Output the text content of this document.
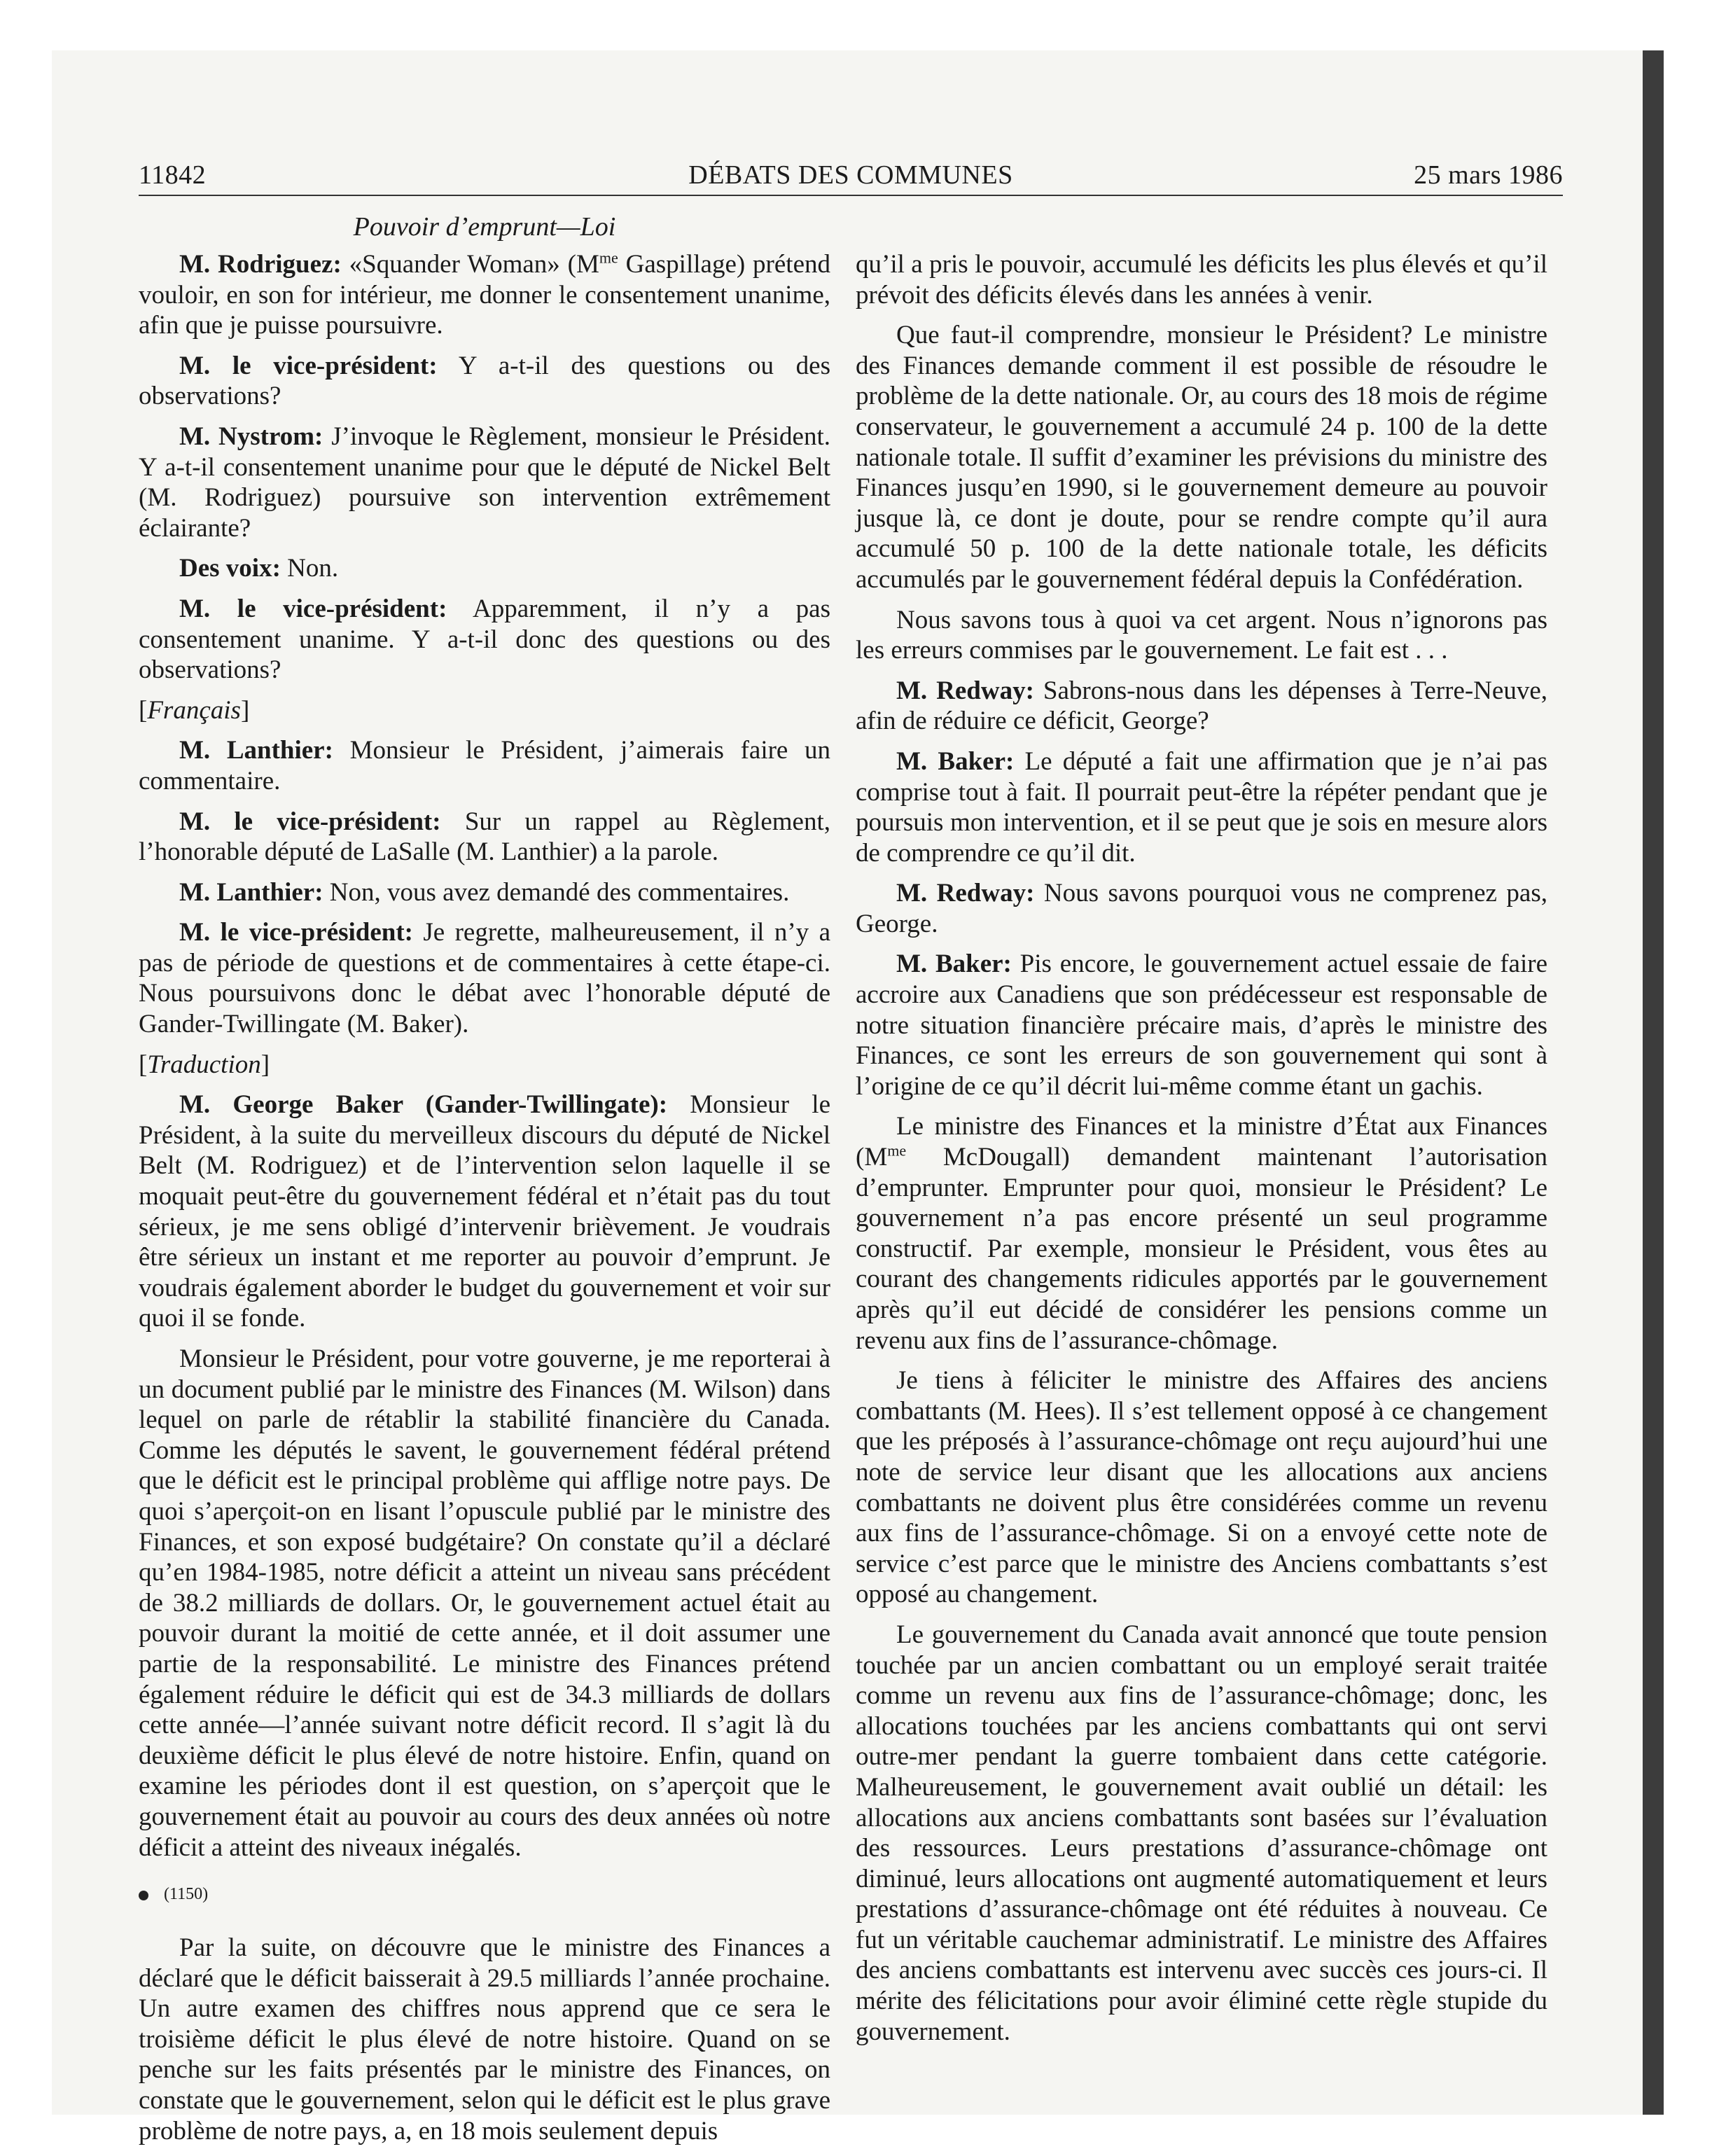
11842	DÉBATS DES COMMUNES	25 mars 1986
Pouvoir d’emprunt—Loi

M. Rodriguez: «Squander Woman» ($M^{me}$ Gaspillage) prétend vouloir, en son for intérieur, me donner le consentement unanime, afin que je puisse poursuivre.

M. le vice-président: Y a-t-il des questions ou des observations?

M. Nystrom: J’invoque le Règlement, monsieur le Président. Y a-t-il consentement unanime pour que le député de Nickel Belt (M. Rodriguez) poursuive son intervention extrêmement éclairante?

Des voix: Non.

M. le vice-président: Apparemment, il n’y a pas consentement unanime. Y a-t-il donc des questions ou des observations?

[Français]

M. Lanthier: Monsieur le Président, j’aimerais faire un commentaire.

M. le vice-président: Sur un rappel au Règlement, l’honorable député de LaSalle (M. Lanthier) a la parole.

M. Lanthier: Non, vous avez demandé des commentaires.

M. le vice-président: Je regrette, malheureusement, il n’y a pas de période de questions et de commentaires à cette étape-ci. Nous poursuivons donc le débat avec l’honorable député de Gander-Twillingate (M. Baker).

[Traduction]

M. George Baker (Gander-Twillingate): Monsieur le Président, à la suite du merveilleux discours du député de Nickel Belt (M. Rodriguez) et de l’intervention selon laquelle il se moquait peut-être du gouvernement fédéral et n’était pas du tout sérieux, je me sens obligé d’intervenir brièvement. Je voudrais être sérieux un instant et me reporter au pouvoir d’emprunt. Je voudrais également aborder le budget du gouvernement et voir sur quoi il se fonde.

Monsieur le Président, pour votre gouverne, je me reporterai à un document publié par le ministre des Finances (M. Wilson) dans lequel on parle de rétablir la stabilité financière du Canada. Comme les députés le savent, le gouvernement fédéral prétend que le déficit est le principal problème qui afflige notre pays. De quoi s’aperçoit-on en lisant l’opuscule publié par le ministre des Finances, et son exposé budgétaire? On constate qu’il a déclaré qu’en 1984-1985, notre déficit a atteint un niveau sans précédent de 38.2 milliards de dollars. Or, le gouvernement actuel était au pouvoir durant la moitié de cette année, et il doit assumer une partie de la responsabilité. Le ministre des Finances prétend également réduire le déficit qui est de 34.3 milliards de dollars cette année—l’année suivant notre déficit record. Il s’agit là du deuxième déficit le plus élevé de notre histoire. Enfin, quand on examine les périodes dont il est question, on s’aperçoit que le gouvernement était au pouvoir au cours des deux années où notre déficit a atteint des niveaux inégalés.

(1150)

Par la suite, on découvre que le ministre des Finances a déclaré que le déficit baisserait à 29.5 milliards l’année prochaine. Un autre examen des chiffres nous apprend que ce sera le troisième déficit le plus élevé de notre histoire. Quand on se penche sur les faits présentés par le ministre des Finances, on constate que le gouvernement, selon qui le déficit est le plus grave problème de notre pays, a, en 18 mois seulement depuis

qu’il a pris le pouvoir, accumulé les déficits les plus élevés et qu’il prévoit des déficits élevés dans les années à venir.

Que faut-il comprendre, monsieur le Président? Le ministre des Finances demande comment il est possible de résoudre le problème de la dette nationale. Or, au cours des 18 mois de régime conservateur, le gouvernement a accumulé 24 p. 100 de la dette nationale totale. Il suffit d’examiner les prévisions du ministre des Finances jusqu’en 1990, si le gouvernement demeure au pouvoir jusque là, ce dont je doute, pour se rendre compte qu’il aura accumulé 50 p. 100 de la dette nationale totale, les déficits accumulés par le gouvernement fédéral depuis la Confédération.

Nous savons tous à quoi va cet argent. Nous n’ignorons pas les erreurs commises par le gouvernement. Le fait est . . .

M. Redway: Sabrons-nous dans les dépenses à Terre-Neuve, afin de réduire ce déficit, George?

M. Baker: Le député a fait une affirmation que je n’ai pas comprise tout à fait. Il pourrait peut-être la répéter pendant que je poursuis mon intervention, et il se peut que je sois en mesure alors de comprendre ce qu’il dit.

M. Redway: Nous savons pourquoi vous ne comprenez pas, George.

M. Baker: Pis encore, le gouvernement actuel essaie de faire accroire aux Canadiens que son prédécesseur est responsable de notre situation financière précaire mais, d’après le ministre des Finances, ce sont les erreurs de son gouvernement qui sont à l’origine de ce qu’il décrit lui-même comme étant un gachis.

Le ministre des Finances et la ministre d’État aux Finances ($M^{me}$ McDougall) demandent maintenant l’autorisation d’emprunter. Emprunter pour quoi, monsieur le Président? Le gouvernement n’a pas encore présenté un seul programme constructif. Par exemple, monsieur le Président, vous êtes au courant des changements ridicules apportés par le gouvernement après qu’il eut décidé de considérer les pensions comme un revenu aux fins de l’assurance-chômage.

Je tiens à féliciter le ministre des Affaires des anciens combattants (M. Hees). Il s’est tellement opposé à ce changement que les préposés à l’assurance-chômage ont reçu aujourd’hui une note de service leur disant que les allocations aux anciens combattants ne doivent plus être considérées comme un revenu aux fins de l’assurance-chômage. Si on a envoyé cette note de service c’est parce que le ministre des Anciens combattants s’est opposé au changement.

Le gouvernement du Canada avait annoncé que toute pension touchée par un ancien combattant ou un employé serait traitée comme un revenu aux fins de l’assurance-chômage; donc, les allocations touchées par les anciens combattants qui ont servi outre-mer pendant la guerre tombaient dans cette catégorie. Malheureusement, le gouvernement avait oublié un détail: les allocations aux anciens combattants sont basées sur l’évaluation des ressources. Leurs prestations d’assurance-chômage ont diminué, leurs allocations ont augmenté automatiquement et leurs prestations d’assurance-chômage ont été réduites à nouveau. Ce fut un véritable cauchemar administratif. Le ministre des Affaires des anciens combattants est intervenu avec succès ces jours-ci. Il mérite des félicitations pour avoir éliminé cette règle stupide du gouvernement.
